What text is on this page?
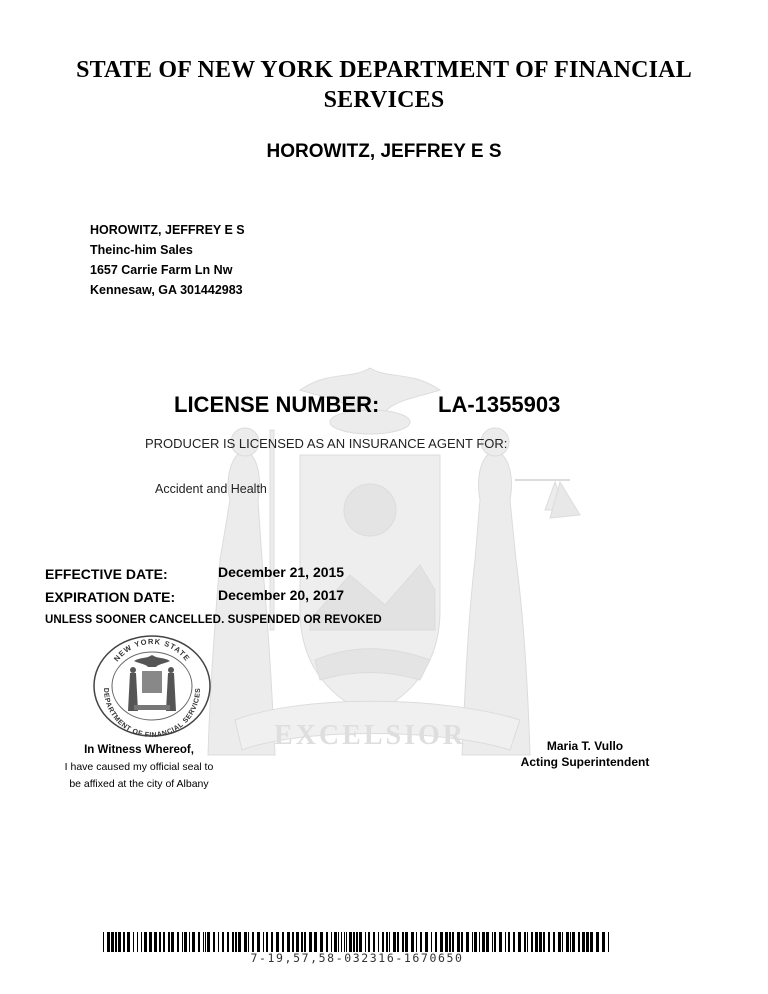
STATE OF NEW YORK DEPARTMENT OF FINANCIAL SERVICES
HOROWITZ, JEFFREY E S
HOROWITZ, JEFFREY E S
Theinc-him Sales
1657 Carrie Farm Ln Nw
Kennesaw, GA 301442983
EXCELSIOR
LICENSE NUMBER:	LA-1355903
PRODUCER IS LICENSED AS AN INSURANCE AGENT FOR:
Accident and Health
EFFECTIVE DATE:	December 21, 2015
EXPIRATION DATE:	December 20, 2017
UNLESS SOONER CANCELLED. SUSPENDED OR REVOKED
NEW YORK STATE
DEPARTMENT OF FINANCIAL SERVICES
In Witness Whereof,
I have caused my official seal to
be affixed at the city of Albany
Maria T. Vullo
Acting Superintendent
7-19,57,58-032316-1670650
